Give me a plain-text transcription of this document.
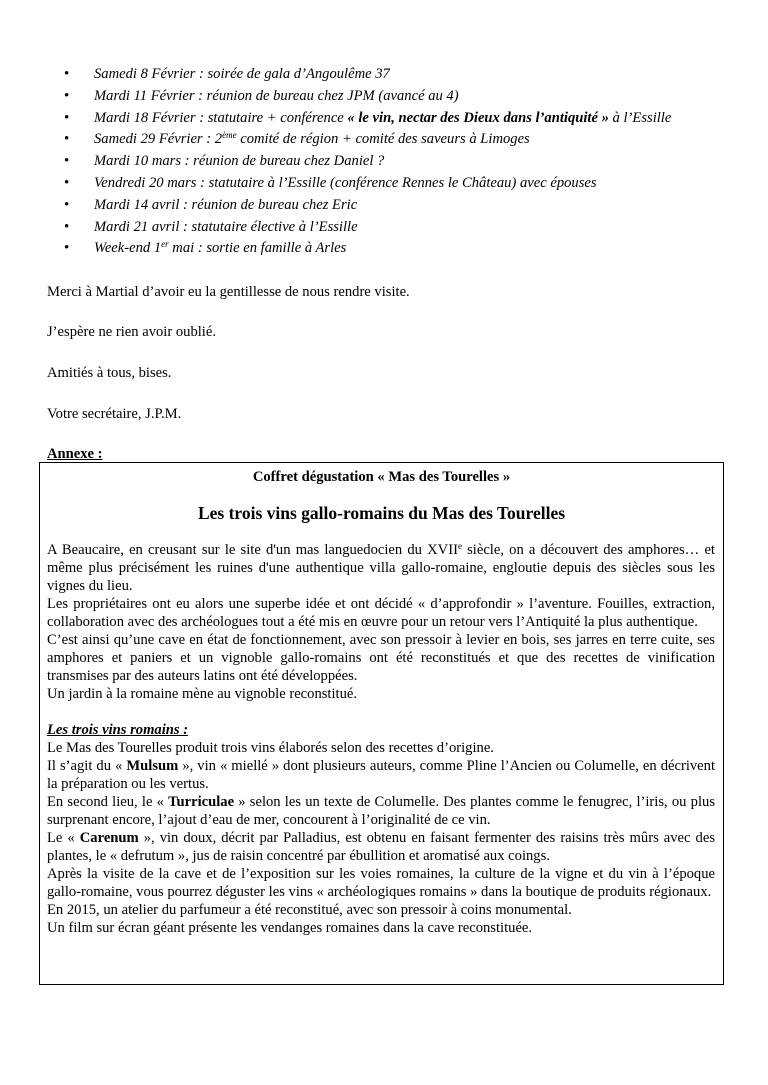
• Samedi 8 Février : soirée de gala d’Angoulême 37
• Mardi 11 Février : réunion de bureau chez JPM (avancé au 4)
• Mardi 18 Février : statutaire + conférence « le vin, nectar des Dieux dans l’antiquité » à l’Essille
• Samedi 29 Février : 2ème comité de région + comité des saveurs à Limoges
• Mardi 10 mars : réunion de bureau chez Daniel ?
• Vendredi 20 mars : statutaire à l’Essille (conférence Rennes le Château) avec épouses
• Mardi 14 avril : réunion de bureau chez Eric
• Mardi 21 avril : statutaire élective à l’Essille
• Week-end 1er mai : sortie en famille à Arles

Merci à Martial d’avoir eu la gentillesse de nous rendre visite.

J’espère ne rien avoir oublié.

Amitiés à tous, bises.

Votre secrétaire, J.P.M.

Annexe :
Coffret dégustation « Mas des Tourelles »
Les trois vins gallo-romains du Mas des Tourelles

A Beaucaire, en creusant sur le site d'un mas languedocien du XVIIe siècle, on a découvert des amphores… et même plus précisément les ruines d'une authentique villa gallo-romaine, engloutie depuis des siècles sous les vignes du lieu.

Les propriétaires ont eu alors une superbe idée et ont décidé « d’approfondir » l’aventure. Fouilles, extraction, collaboration avec des archéologues tout a été mis en œuvre pour un retour vers l’Antiquité la plus authentique.

C’est ainsi qu’une cave en état de fonctionnement, avec son pressoir à levier en bois, ses jarres en terre cuite, ses amphores et paniers et un vignoble gallo-romains ont été reconstitués et que des recettes de vinification transmises par des auteurs latins ont été développées.

Un jardin à la romaine mène au vignoble reconstitué.

Les trois vins romains :

Le Mas des Tourelles produit trois vins élaborés selon des recettes d’origine.

Il s’agit du « Mulsum », vin « miellé » dont plusieurs auteurs, comme Pline l’Ancien ou Columelle, en décrivent la préparation ou les vertus.

En second lieu, le « Turriculae » selon les un texte de Columelle. Des plantes comme le fenugrec, l’iris, ou plus surprenant encore, l’ajout d’eau de mer, concourent à l’originalité de ce vin.

Le « Carenum », vin doux, décrit par Palladius, est obtenu en faisant fermenter des raisins très mûrs avec des plantes, le « defrutum », jus de raisin concentré par ébullition et aromatisé aux coings.

Après la visite de la cave et de l’exposition sur les voies romaines, la culture de la vigne et du vin à l’époque gallo-romaine, vous pourrez déguster les vins « archéologiques romains » dans la boutique de produits régionaux.

En 2015, un atelier du parfumeur a été reconstitué, avec son pressoir à coins monumental.

Un film sur écran géant présente les vendanges romaines dans la cave reconstituée.
